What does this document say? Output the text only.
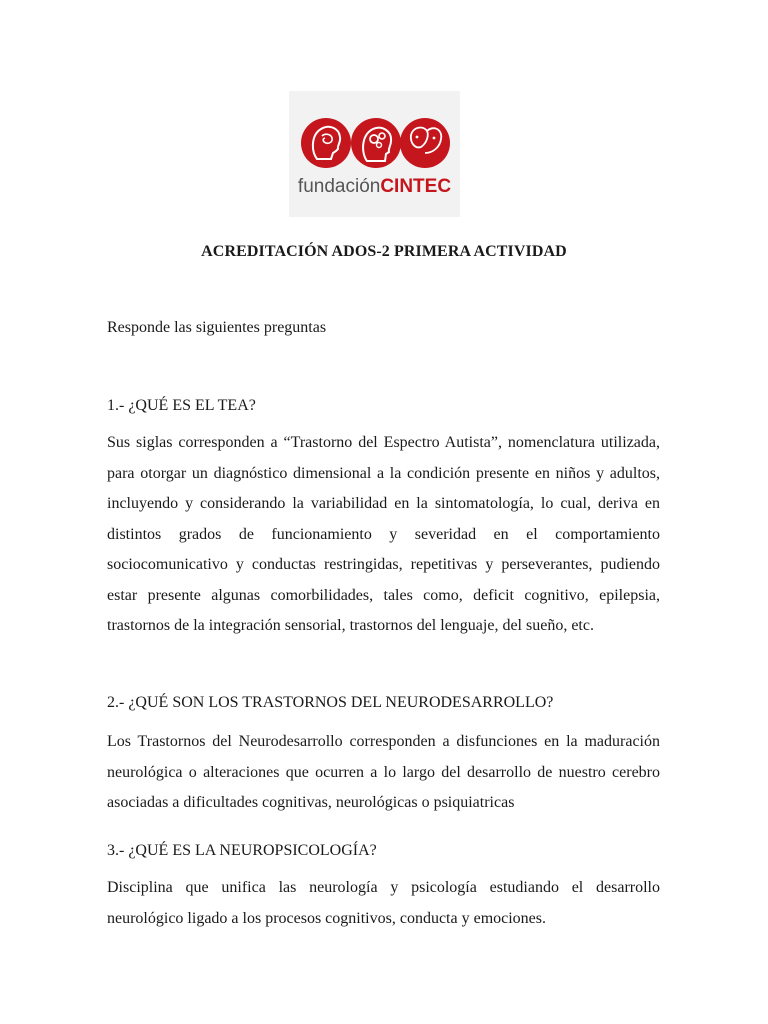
fundaciónCINTEC
ACREDITACIÓN ADOS-2 PRIMERA ACTIVIDAD
Responde las siguientes preguntas
1.- ¿QUÉ ES EL TEA?

Sus siglas corresponden a “Trastorno del Espectro Autista”, nomenclatura utilizada, para otorgar un diagnóstico dimensional a la condición presente en niños y adultos, incluyendo y considerando la variabilidad en la sintomatología, lo cual, deriva en distintos grados de funcionamiento y severidad en el comportamiento sociocomunicativo y conductas restringidas, repetitivas y perseverantes, pudiendo estar presente algunas comorbilidades, tales como, deficit cognitivo, epilepsia, trastornos de la integración sensorial, trastornos del lenguaje, del sueño, etc.

2.- ¿QUÉ SON LOS TRASTORNOS DEL NEURODESARROLLO?

Los Trastornos del Neurodesarrollo corresponden a disfunciones en la maduración neurológica o alteraciones que ocurren a lo largo del desarrollo de nuestro cerebro asociadas a dificultades cognitivas, neurológicas o psiquiatricas

3.- ¿QUÉ ES LA NEUROPSICOLOGÍA?

Disciplina que unifica las neurología y psicología estudiando el desarrollo neurológico ligado a los procesos cognitivos, conducta y emociones.
